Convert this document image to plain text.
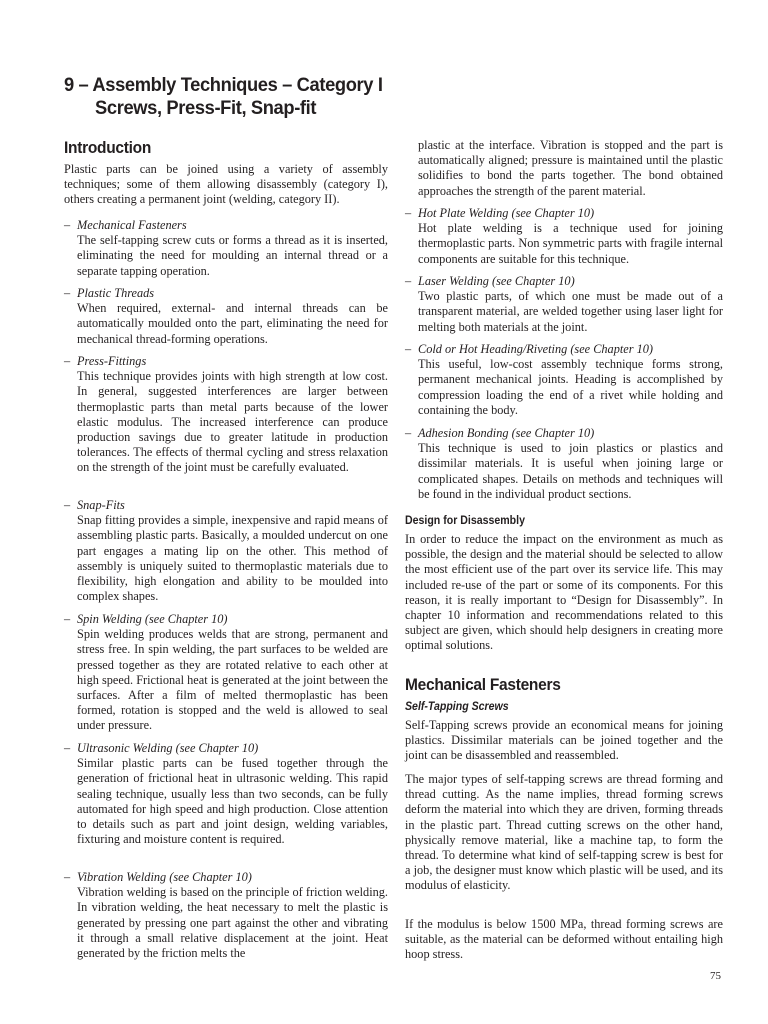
9 – Assembly Techniques – Category I
Screws, Press-Fit, Snap-fit
Introduction

Plastic parts can be joined using a variety of assembly techniques; some of them allowing disassembly (category I), others creating a permanent joint (welding, category II).

– Mechanical Fasteners
The self-tapping screw cuts or forms a thread as it is inserted, eliminating the need for moulding an internal thread or a separate tapping operation.
– Plastic Threads
When required, external- and internal threads can be automatically moulded onto the part, eliminating the need for mechanical thread-forming operations.
– Press-Fittings
This technique provides joints with high strength at low cost. In general, suggested interferences are larger between thermoplastic parts than metal parts because of the lower elastic modulus. The increased interference can produce production savings due to greater latitude in production tolerances. The effects of thermal cycling and stress relaxation on the strength of the joint must be carefully evaluated.
– Snap-Fits
Snap fitting provides a simple, inexpensive and rapid means of assembling plastic parts. Basically, a moulded undercut on one part engages a mating lip on the other. This method of assembly is uniquely suited to thermoplastic materials due to flexibility, high elongation and ability to be moulded into complex shapes.
– Spin Welding (see Chapter 10)
Spin welding produces welds that are strong, permanent and stress free. In spin welding, the part surfaces to be welded are pressed together as they are rotated relative to each other at high speed. Frictional heat is generated at the joint between the surfaces. After a film of melted thermoplastic has been formed, rotation is stopped and the weld is allowed to seal under pressure.
– Ultrasonic Welding (see Chapter 10)
Similar plastic parts can be fused together through the generation of frictional heat in ultrasonic welding. This rapid sealing technique, usually less than two seconds, can be fully automated for high speed and high production. Close attention to details such as part and joint design, welding variables, fixturing and moisture content is required.
– Vibration Welding (see Chapter 10)
Vibration welding is based on the principle of friction welding. In vibration welding, the heat necessary to melt the plastic is generated by pressing one part against the other and vibrating it through a small relative displacement at the joint. Heat generated by the friction melts the

plastic at the interface. Vibration is stopped and the part is automatically aligned; pressure is maintained until the plastic solidifies to bond the parts together. The bond obtained approaches the strength of the parent material.

– Hot Plate Welding (see Chapter 10)
Hot plate welding is a technique used for joining thermoplastic parts. Non symmetric parts with fragile internal components are suitable for this technique.
– Laser Welding (see Chapter 10)
Two plastic parts, of which one must be made out of a transparent material, are welded together using laser light for melting both materials at the joint.
– Cold or Hot Heading/Riveting (see Chapter 10)
This useful, low-cost assembly technique forms strong, permanent mechanical joints. Heading is accomplished by compression loading the end of a rivet while holding and containing the body.
– Adhesion Bonding (see Chapter 10)
This technique is used to join plastics or plastics and dissimilar materials. It is useful when joining large or complicated shapes. Details on methods and techniques will be found in the individual product sections.
Design for Disassembly

In order to reduce the impact on the environment as much as possible, the design and the material should be selected to allow the most efficient use of the part over its service life. This may included re-use of the part or some of its components. For this reason, it is really important to “Design for Disassembly”. In chapter 10 information and recommendations related to this subject are given, which should help designers in creating more optimal solutions.

Mechanical Fasteners
Self-Tapping Screws

Self-Tapping screws provide an economical means for joining plastics. Dissimilar materials can be joined together and the joint can be disassembled and reassembled.

The major types of self-tapping screws are thread forming and thread cutting. As the name implies, thread forming screws deform the material into which they are driven, forming threads in the plastic part. Thread cutting screws on the other hand, physically remove material, like a machine tap, to form the thread. To determine what kind of self-tapping screw is best for a job, the designer must know which plastic will be used, and its modulus of elasticity.

If the modulus is below 1500 MPa, thread forming screws are suitable, as the material can be deformed without entailing high hoop stress.

75
